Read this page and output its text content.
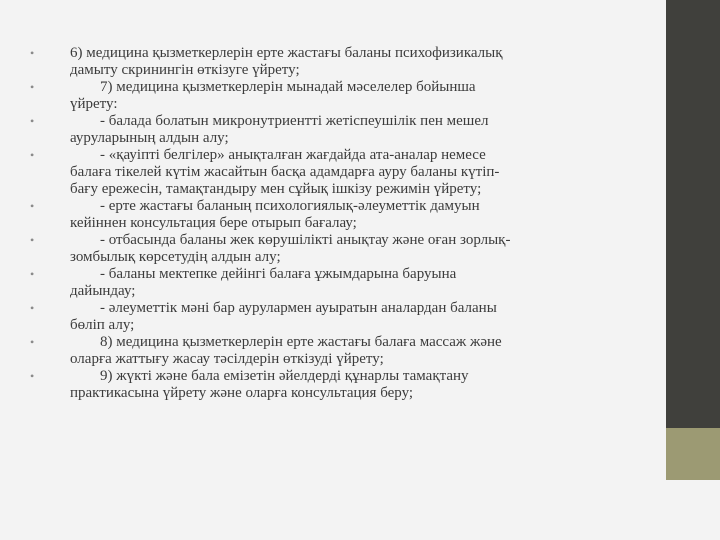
• 6) медицина қызметкерлерін ерте жастағы баланы психофизикалық
дамыту скринингін өткізуге үйрету;
• 7) медицина қызметкерлерін мынадай мәселелер бойынша
үйрету:
• - балада болатын микронутриентті жетіспеушілік пен мешел
ауруларының алдын алу;
• - «қауіпті белгілер» анықталған жағдайда ата-аналар немесе
балаға тікелей күтім жасайтын басқа адамдарға ауру баланы күтіп-
бағу ережесін, тамақтандыру мен сұйық ішкізу режимін үйрету;
• - ерте жастағы баланың психологиялық-әлеуметтік дамуын
кейіннен консультация бере отырып бағалау;
• - отбасында баланы жек көрушілікті анықтау және оған зорлық-
зомбылық көрсетудің алдын алу;
• - баланы мектепке дейінгі балаға ұжымдарына баруына
дайындау;
• - әлеуметтік мәні бар аурулармен ауыратын аналардан баланы
бөліп алу;
• 8) медицина қызметкерлерін ерте жастағы балаға массаж және
оларға жаттығу жасау тәсілдерін өткізуді үйрету;
• 9) жүкті және бала емізетін әйелдерді құнарлы тамақтану
практикасына үйрету және оларға консультация беру;
